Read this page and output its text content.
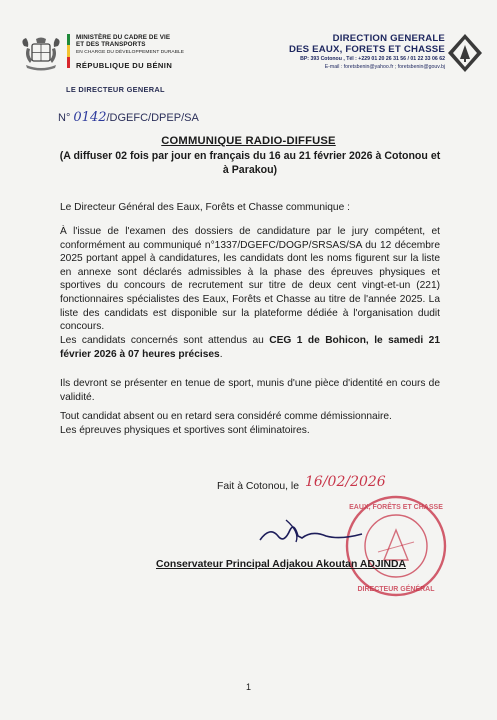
MINISTÈRE DU CADRE DE VIE
ET DES TRANSPORTS
EN CHARGE DU DÉVELOPPEMENT DURABLE
RÉPUBLIQUE DU BÉNIN
LE DIRECTEUR GENERAL
N° 0142/DGEFC/DPEP/SA
DIRECTION GENERALE
DES EAUX, FORETS ET CHASSE
BP: 393 Cotonou , Tél : +229 01 20 26 31 56 / 01 22 33 06 62
E-mail : foretsbenin@yahoo.fr ; foretsbenin@gouv.bj
COMMUNIQUE RADIO-DIFFUSE
(A diffuser 02 fois par jour en français du 16 au 21 février 2026 à Cotonou et à Parakou)
Le Directeur Général des Eaux, Forêts et Chasse communique :
À l'issue de l'examen des dossiers de candidature par le jury compétent, et conformément au communiqué n°1337/DGEFC/DOGP/SRSAS/SA du 12 décembre 2025 portant appel à candidatures, les candidats dont les noms figurent sur la liste en annexe sont déclarés admissibles à la phase des épreuves physiques et sportives du concours de recrutement sur titre de deux cent vingt-et-un (221) fonctionnaires spécialistes des Eaux, Forêts et Chasse au titre de l'année 2025. La liste des candidats est disponible sur la plateforme dédiée à l'organisation dudit concours.
Les candidats concernés sont attendus au CEG 1 de Bohicon, le samedi 21 février 2026 à 07 heures précises.
Ils devront se présenter en tenue de sport, munis d'une pièce d'identité en cours de validité.
Tout candidat absent ou en retard sera considéré comme démissionnaire.
Les épreuves physiques et sportives sont éliminatoires.
Fait à Cotonou, le 16/02/2026
EAUX, FORÊTS ET CHASSE
DIRECTEUR GÉNÉRAL
Conservateur Principal Adjakou Akoutan ADJINDA
1
